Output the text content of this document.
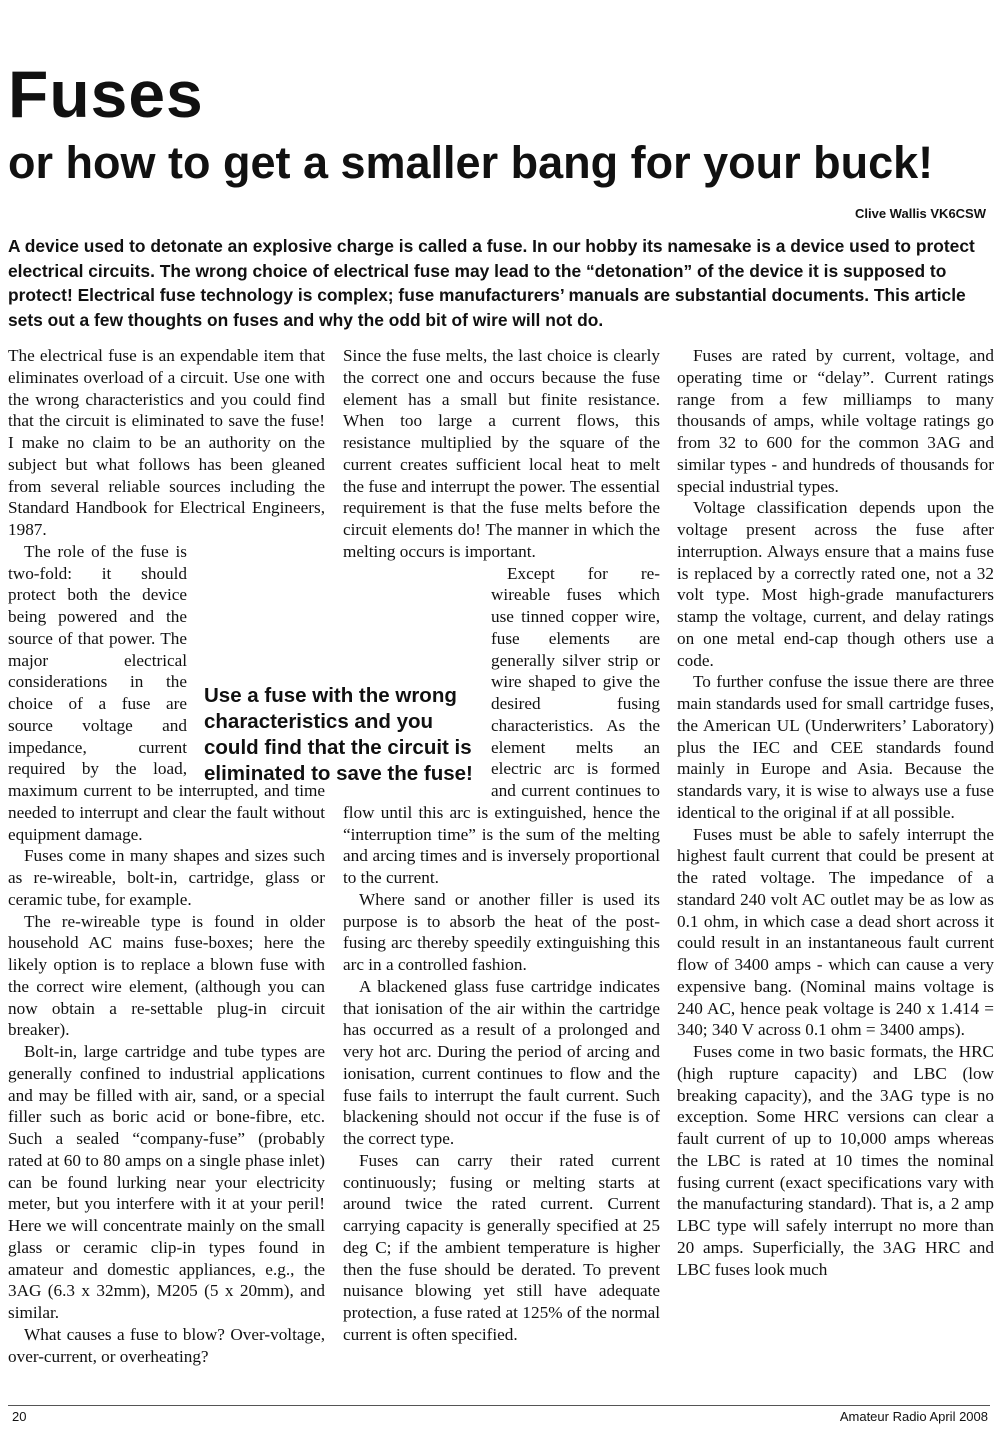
Fuses
or how to get a smaller bang for your buck!
Clive Wallis VK6CSW

A device used to detonate an explosive charge is called a fuse. In our hobby its namesake is a device used to protect electrical circuits. The wrong choice of electrical fuse may lead to the “detonation” of the device it is supposed to protect! Electrical fuse technology is complex; fuse manufacturers’ manuals are substantial documents. This article sets out a few thoughts on fuses and why the odd bit of wire will not do.

The electrical fuse is an expendable item that eliminates overload of a circuit. Use one with the wrong characteristics and you could find that the circuit is eliminated to save the fuse! I make no claim to be an authority on the subject but what follows has been gleaned from several reliable sources including the Standard Handbook for Electrical Engineers, 1987.

The role of the fuse is two-fold: it should protect both the device being powered and the source of that power. The major electrical considerations in the choice of a fuse are source voltage and impedance, current required by the load, maximum current to be interrupted, and time needed to interrupt and clear the fault without equipment damage.

Fuses come in many shapes and sizes such as re-wireable, bolt-in, cartridge, glass or ceramic tube, for example.

The re-wireable type is found in older household AC mains fuse-boxes; here the likely option is to replace a blown fuse with the correct wire element, (although you can now obtain a re-settable plug-in circuit breaker).

Bolt-in, large cartridge and tube types are generally confined to industrial applications and may be filled with air, sand, or a special filler such as boric acid or bone-fibre, etc. Such a sealed “company-fuse” (probably rated at 60 to 80 amps on a single phase inlet) can be found lurking near your electricity meter, but you interfere with it at your peril! Here we will concentrate mainly on the small glass or ceramic clip-in types found in amateur and domestic appliances, e.g., the 3AG (6.3 x 32mm), M205 (5 x 20mm), and similar.

What causes a fuse to blow? Over-voltage, over-current, or overheating?

Since the fuse melts, the last choice is clearly the correct one and occurs because the fuse element has a small but finite resistance. When too large a current flows, this resistance multiplied by the square of the current creates sufficient local heat to melt the fuse and interrupt the power. The essential requirement is that the fuse melts before the circuit elements do! The manner in which the melting occurs is important.

Except for re-wireable fuses which use tinned copper wire, fuse elements are generally silver strip or wire shaped to give the desired fusing characteristics. As the element melts an electric arc is formed and current continues to flow until this arc is extinguished, hence the “interruption time” is the sum of the melting and arcing times and is inversely proportional to the current.

Where sand or another filler is used its purpose is to absorb the heat of the post-fusing arc thereby speedily extinguishing this arc in a controlled fashion.

A blackened glass fuse cartridge indicates that ionisation of the air within the cartridge has occurred as a result of a prolonged and very hot arc. During the period of arcing and ionisation, current continues to flow and the fuse fails to interrupt the fault current. Such blackening should not occur if the fuse is of the correct type.

Fuses can carry their rated current continuously; fusing or melting starts at around twice the rated current. Current carrying capacity is generally specified at 25 deg C; if the ambient temperature is higher then the fuse should be derated. To prevent nuisance blowing yet still have adequate protection, a fuse rated at 125% of the normal current is often specified.

Fuses are rated by current, voltage, and operating time or “delay”. Current ratings range from a few milliamps to many thousands of amps, while voltage ratings go from 32 to 600 for the common 3AG and similar types - and hundreds of thousands for special industrial types.

Voltage classification depends upon the voltage present across the fuse after interruption. Always ensure that a mains fuse is replaced by a correctly rated one, not a 32 volt type. Most high-grade manufacturers stamp the voltage, current, and delay ratings on one metal end-cap though others use a code.

To further confuse the issue there are three main standards used for small cartridge fuses, the American UL (Underwriters’ Laboratory) plus the IEC and CEE standards found mainly in Europe and Asia. Because the standards vary, it is wise to always use a fuse identical to the original if at all possible.

Fuses must be able to safely interrupt the highest fault current that could be present at the rated voltage. The impedance of a standard 240 volt AC outlet may be as low as 0.1 ohm, in which case a dead short across it could result in an instantaneous fault current flow of 3400 amps - which can cause a very expensive bang. (Nominal mains voltage is 240 AC, hence peak voltage is 240 x 1.414 = 340; 340 V across 0.1 ohm = 3400 amps).

Fuses come in two basic formats, the HRC (high rupture capacity) and LBC (low breaking capacity), and the 3AG type is no exception. Some HRC versions can clear a fault current of up to 10,000 amps whereas the LBC is rated at 10 times the nominal fusing current (exact specifications vary with the manufacturing standard). That is, a 2 amp LBC type will safely interrupt no more than 20 amps. Superficially, the 3AG HRC and LBC fuses look much

Use a fuse with the wrong characteristics and you could find that the circuit is eliminated to save the fuse!

20	Amateur Radio April 2008
